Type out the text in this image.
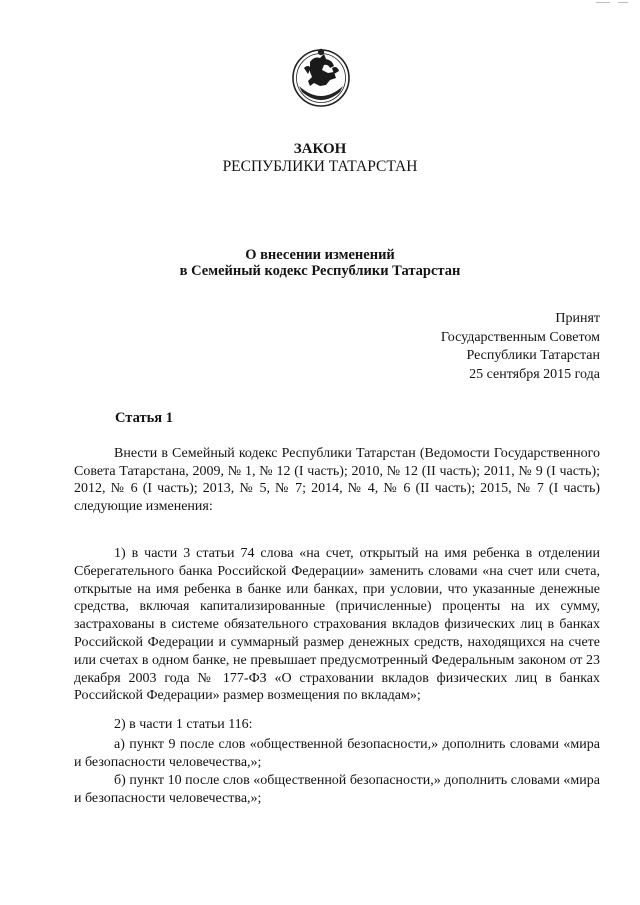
ЗАКОН
РЕСПУБЛИКИ ТАТАРСТАН
О внесении изменений
в Семейный кодекс Республики Татарстан
Принят
Государственным Советом
Республики Татарстан
25 сентября 2015 года
Статья 1

Внести в Семейный кодекс Республики Татарстан (Ведомости Государственного Совета Татарстана, 2009, № 1, № 12 (I часть); 2010, № 12 (II часть); 2011, № 9 (I часть); 2012, № 6 (I часть); 2013, № 5, № 7; 2014, № 4, № 6 (II часть); 2015, № 7 (I часть) следующие изменения:

1) в части 3 статьи 74 слова «на счет, открытый на имя ребенка в отделении Сберегательного банка Российской Федерации» заменить словами «на счет или счета, открытые на имя ребенка в банке или банках, при условии, что указанные денежные средства, включая капитализированные (причисленные) проценты на их сумму, застрахованы в системе обязательного страхования вкладов физических лиц в банках Российской Федерации и суммарный размер денежных средств, находящихся на счете или счетах в одном банке, не превышает предусмотренный Федеральным законом от 23 декабря 2003 года № 177-ФЗ «О страховании вкладов физических лиц в банках Российской Федерации» размер возмещения по вкладам»;

2) в части 1 статьи 116:

а) пункт 9 после слов «общественной безопасности,» дополнить словами «мира и безопасности человечества,»;

б) пункт 10 после слов «общественной безопасности,» дополнить словами «мира и безопасности человечества,»;
